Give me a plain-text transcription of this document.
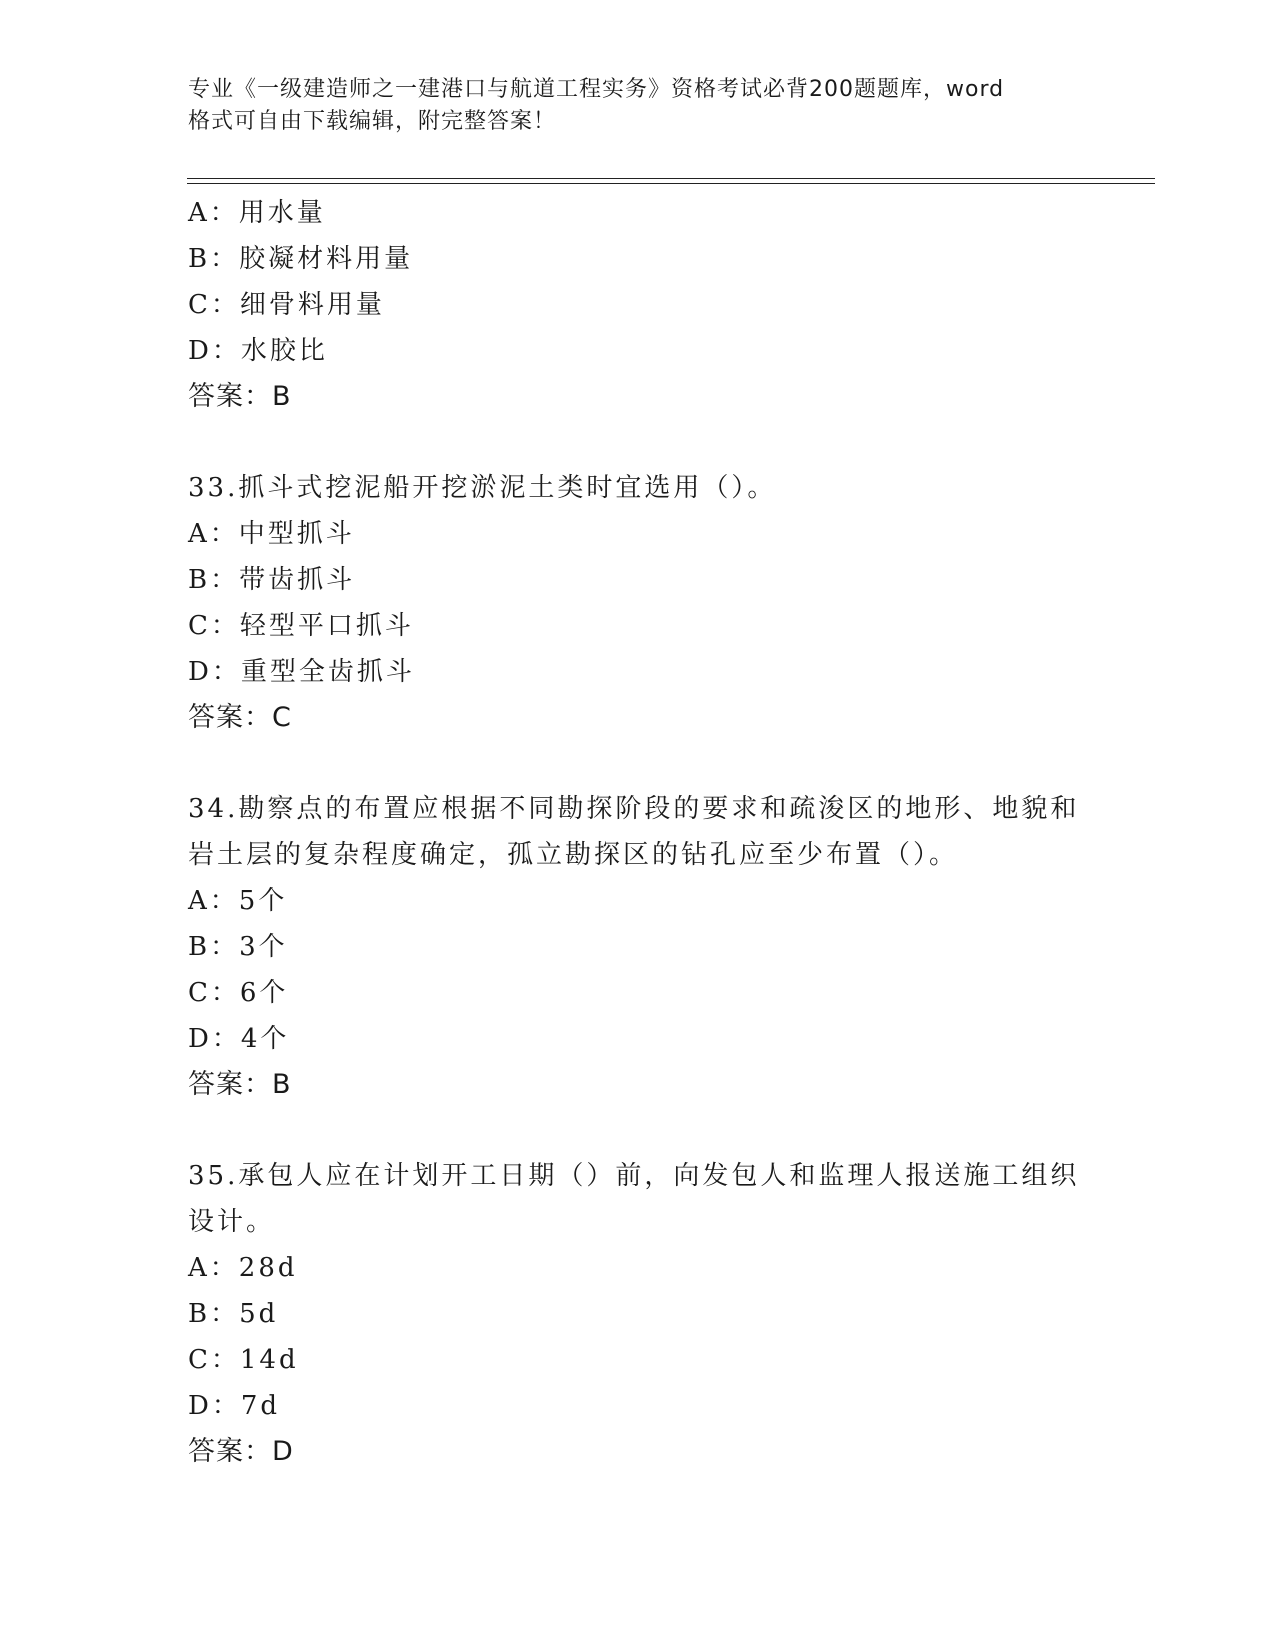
专业《一级建造师之一建港口与航道工程实务》资格考试必背200题题库，word
格式可自由下载编辑，附完整答案！
A：用水量
B：胶凝材料用量
C：细骨料用量
D：水胶比
答案：B
33.抓斗式挖泥船开挖淤泥土类时宜选用（）。
A：中型抓斗
B：带齿抓斗
C：轻型平口抓斗
D：重型全齿抓斗
答案：C
34.勘察点的布置应根据不同勘探阶段的要求和疏浚区的地形、地貌和
岩土层的复杂程度确定，孤立勘探区的钻孔应至少布置（）。
A：5个
B：3个
C：6个
D：4个
答案：B
35.承包人应在计划开工日期（）前，向发包人和监理人报送施工组织
设计。
A：28d
B：5d
C：14d
D：7d
答案：D
